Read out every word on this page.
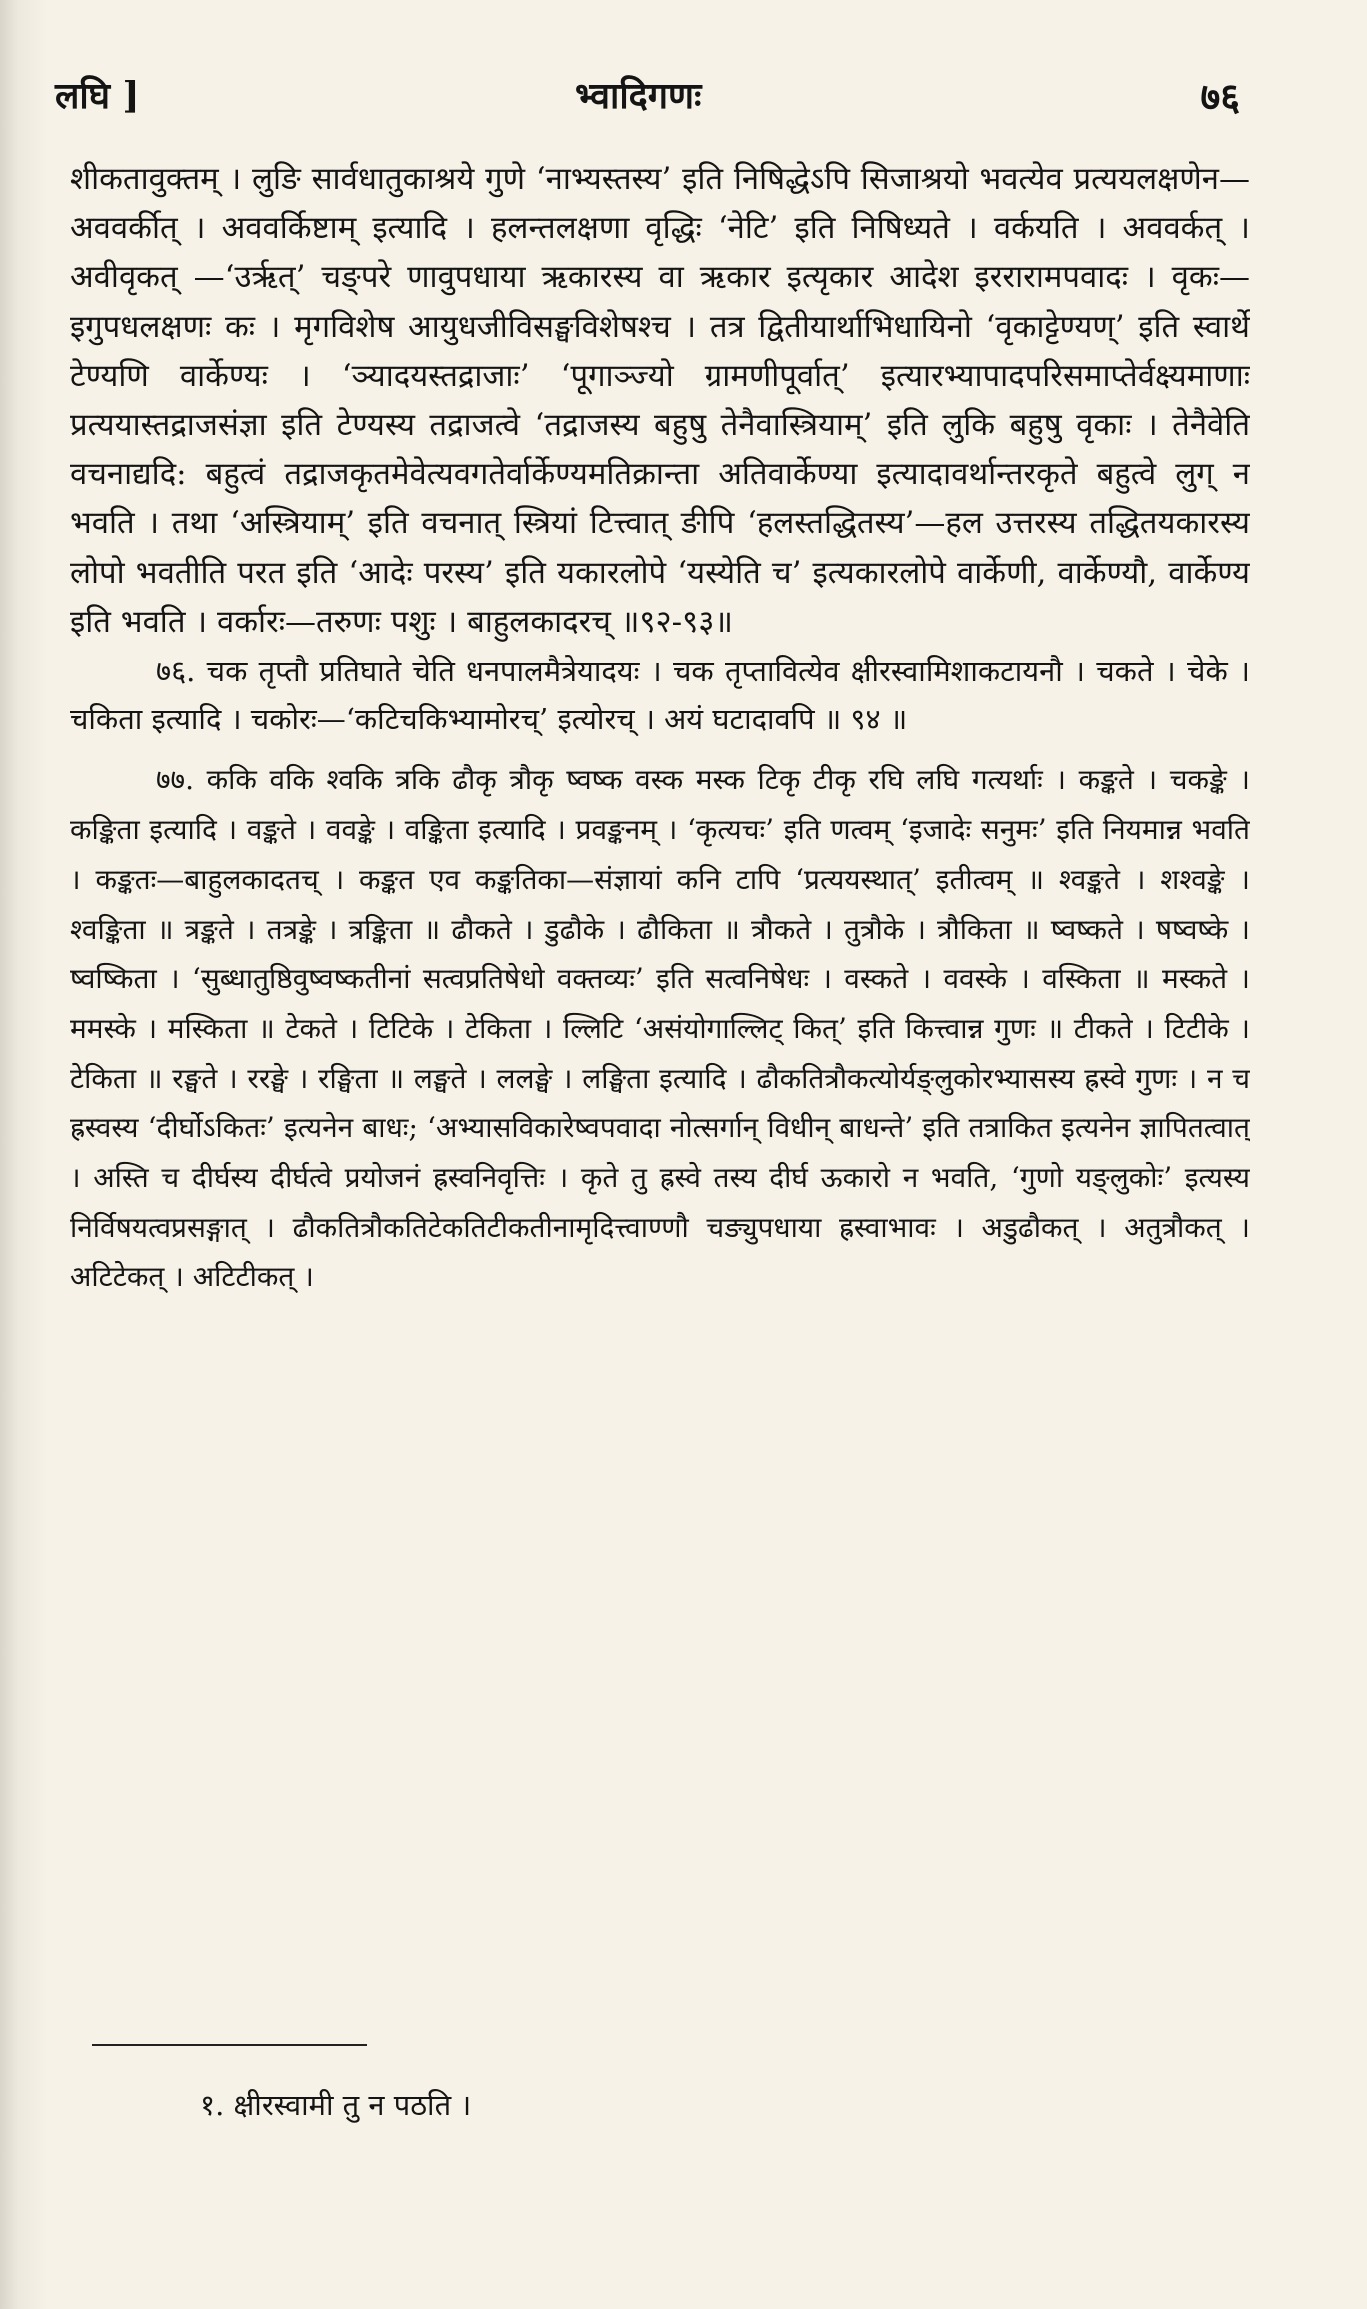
लघि ]	भ्वादिगणः	७६

शीकतावुक्तम् । लुङि सार्वधातुकाश्रये गुणे ‘नाभ्यस्तस्य’ इति निषिद्धेऽपि सिजाश्रयो भवत्येव प्रत्ययलक्षणेन—अववर्कीत् । अववर्किष्टाम् इत्यादि । हलन्तलक्षणा वृद्धिः ‘नेटि’ इति निषिध्यते । वर्कयति । अववर्कत् । अवीवृकत् —‘उर्ऋत्’ चङ्परे णावुपधाया ऋकारस्य वा ऋकार इत्यृकार आदेश इररारामपवादः । वृकः—इगुपधलक्षणः कः । मृगविशेष आयुधजीविसङ्घविशेषश्च । तत्र द्वितीयार्थाभिधायिनो ‘वृकाट्टेण्यण्’ इति स्वार्थे टेण्यणि वार्केण्यः । ‘ञ्यादयस्तद्राजाः’ ‘पूगाञ्ज्यो ग्रामणीपूर्वात्’ इत्यारभ्यापादपरिसमाप्तेर्वक्ष्यमाणाः प्रत्ययास्तद्राजसंज्ञा इति टेण्यस्य तद्राजत्वे ‘तद्राजस्य बहुषु तेनैवास्त्रियाम्’ इति लुकि बहुषु वृकाः । तेनैवेति वचनाद्यदि: बहुत्वं तद्राजकृतमेवेत्यवगतेर्वार्केण्यमतिक्रान्ता अतिवार्केण्या इत्यादावर्थान्तरकृते बहुत्वे लुग् न भवति । तथा ‘अस्त्रियाम्’ इति वचनात् स्त्रियां टित्त्वात् ङीपि ‘हलस्तद्धितस्य’—हल उत्तरस्य तद्धितयकारस्य लोपो भवतीति परत इति ‘आदेः परस्य’ इति यकारलोपे ‘यस्येति च’ इत्यकारलोपे वार्केणी, वार्केण्यौ, वार्केण्य इति भवति । वर्कारः—तरुणः पशुः । बाहुलकादरच् ॥९२-९३॥

७६. चक तृप्तौ प्रतिघाते चेति धनपालमैत्रेयादयः । चक तृप्तावित्येव क्षीरस्वामिशाकटायनौ । चकते । चेके । चकिता इत्यादि । चकोरः—‘कटिचकिभ्यामोरच्’ इत्योरच् । अयं घटादावपि ॥ ९४ ॥

७७. ककि वकि श्वकि त्रकि ढौकृ त्रौकृ ष्वष्क वस्क मस्क टिकृ टीकृ रघि लघि गत्यर्थाः । कङ्कते । चकङ्के । कङ्किता इत्यादि । वङ्कते । ववङ्के । वङ्किता इत्यादि । प्रवङ्कनम् । ‘कृत्यचः’ इति णत्वम् ‘इजादेः सनुमः’ इति नियमान्न भवति । कङ्कतः—बाहुलकादतच् । कङ्कत एव कङ्कतिका—संज्ञायां कनि टापि ‘प्रत्ययस्थात्’ इतीत्वम् ॥ श्वङ्कते । शश्वङ्के । श्वङ्किता ॥ त्रङ्कते । तत्रङ्के । त्रङ्किता ॥ ढौकते । डुढौके । ढौकिता ॥ त्रौकते । तुत्रौके । त्रौकिता ॥ ष्वष्कते । षष्वष्के । ष्वष्किता । ‘सुब्धातुष्ठिवुष्वष्कतीनां सत्वप्रतिषेधो वक्तव्यः’ इति सत्वनिषेधः । वस्कते । ववस्के । वस्किता ॥ मस्कते । ममस्के । मस्किता ॥ टेकते । टिटिके । टेकिता । ल्लिटि ‘असंयोगाल्लिट् कित्’ इति कित्त्वान्न गुणः ॥ टीकते । टिटीके । टेकिता ॥ रङ्घते । ररङ्घे । रङ्घिता ॥ लङ्घते । ललङ्घे । लङ्घिता इत्यादि । ढौकतित्रौकत्योर्यङ्लुकोरभ्यासस्य ह्रस्वे गुणः । न च ह्रस्वस्य ‘दीर्घोऽकितः’ इत्यनेन बाधः; ‘अभ्यासविकारेष्वपवादा नोत्सर्गान् विधीन् बाधन्ते’ इति तत्राकित इत्यनेन ज्ञापितत्वात् । अस्ति च दीर्घस्य दीर्घत्वे प्रयोजनं ह्रस्वनिवृत्तिः । कृते तु ह्रस्वे तस्य दीर्घ ऊकारो न भवति, ‘गुणो यङ्लुकोः’ इत्यस्य निर्विषयत्वप्रसङ्गात् । ढौकतित्रौकतिटेकतिटीकतीनामृदित्त्वाण्णौ चङ्युपधाया ह्रस्वाभावः । अडुढौकत् । अतुत्रौकत् । अटिटेकत् । अटिटीकत् ।

१. क्षीरस्वामी तु न पठति ।
